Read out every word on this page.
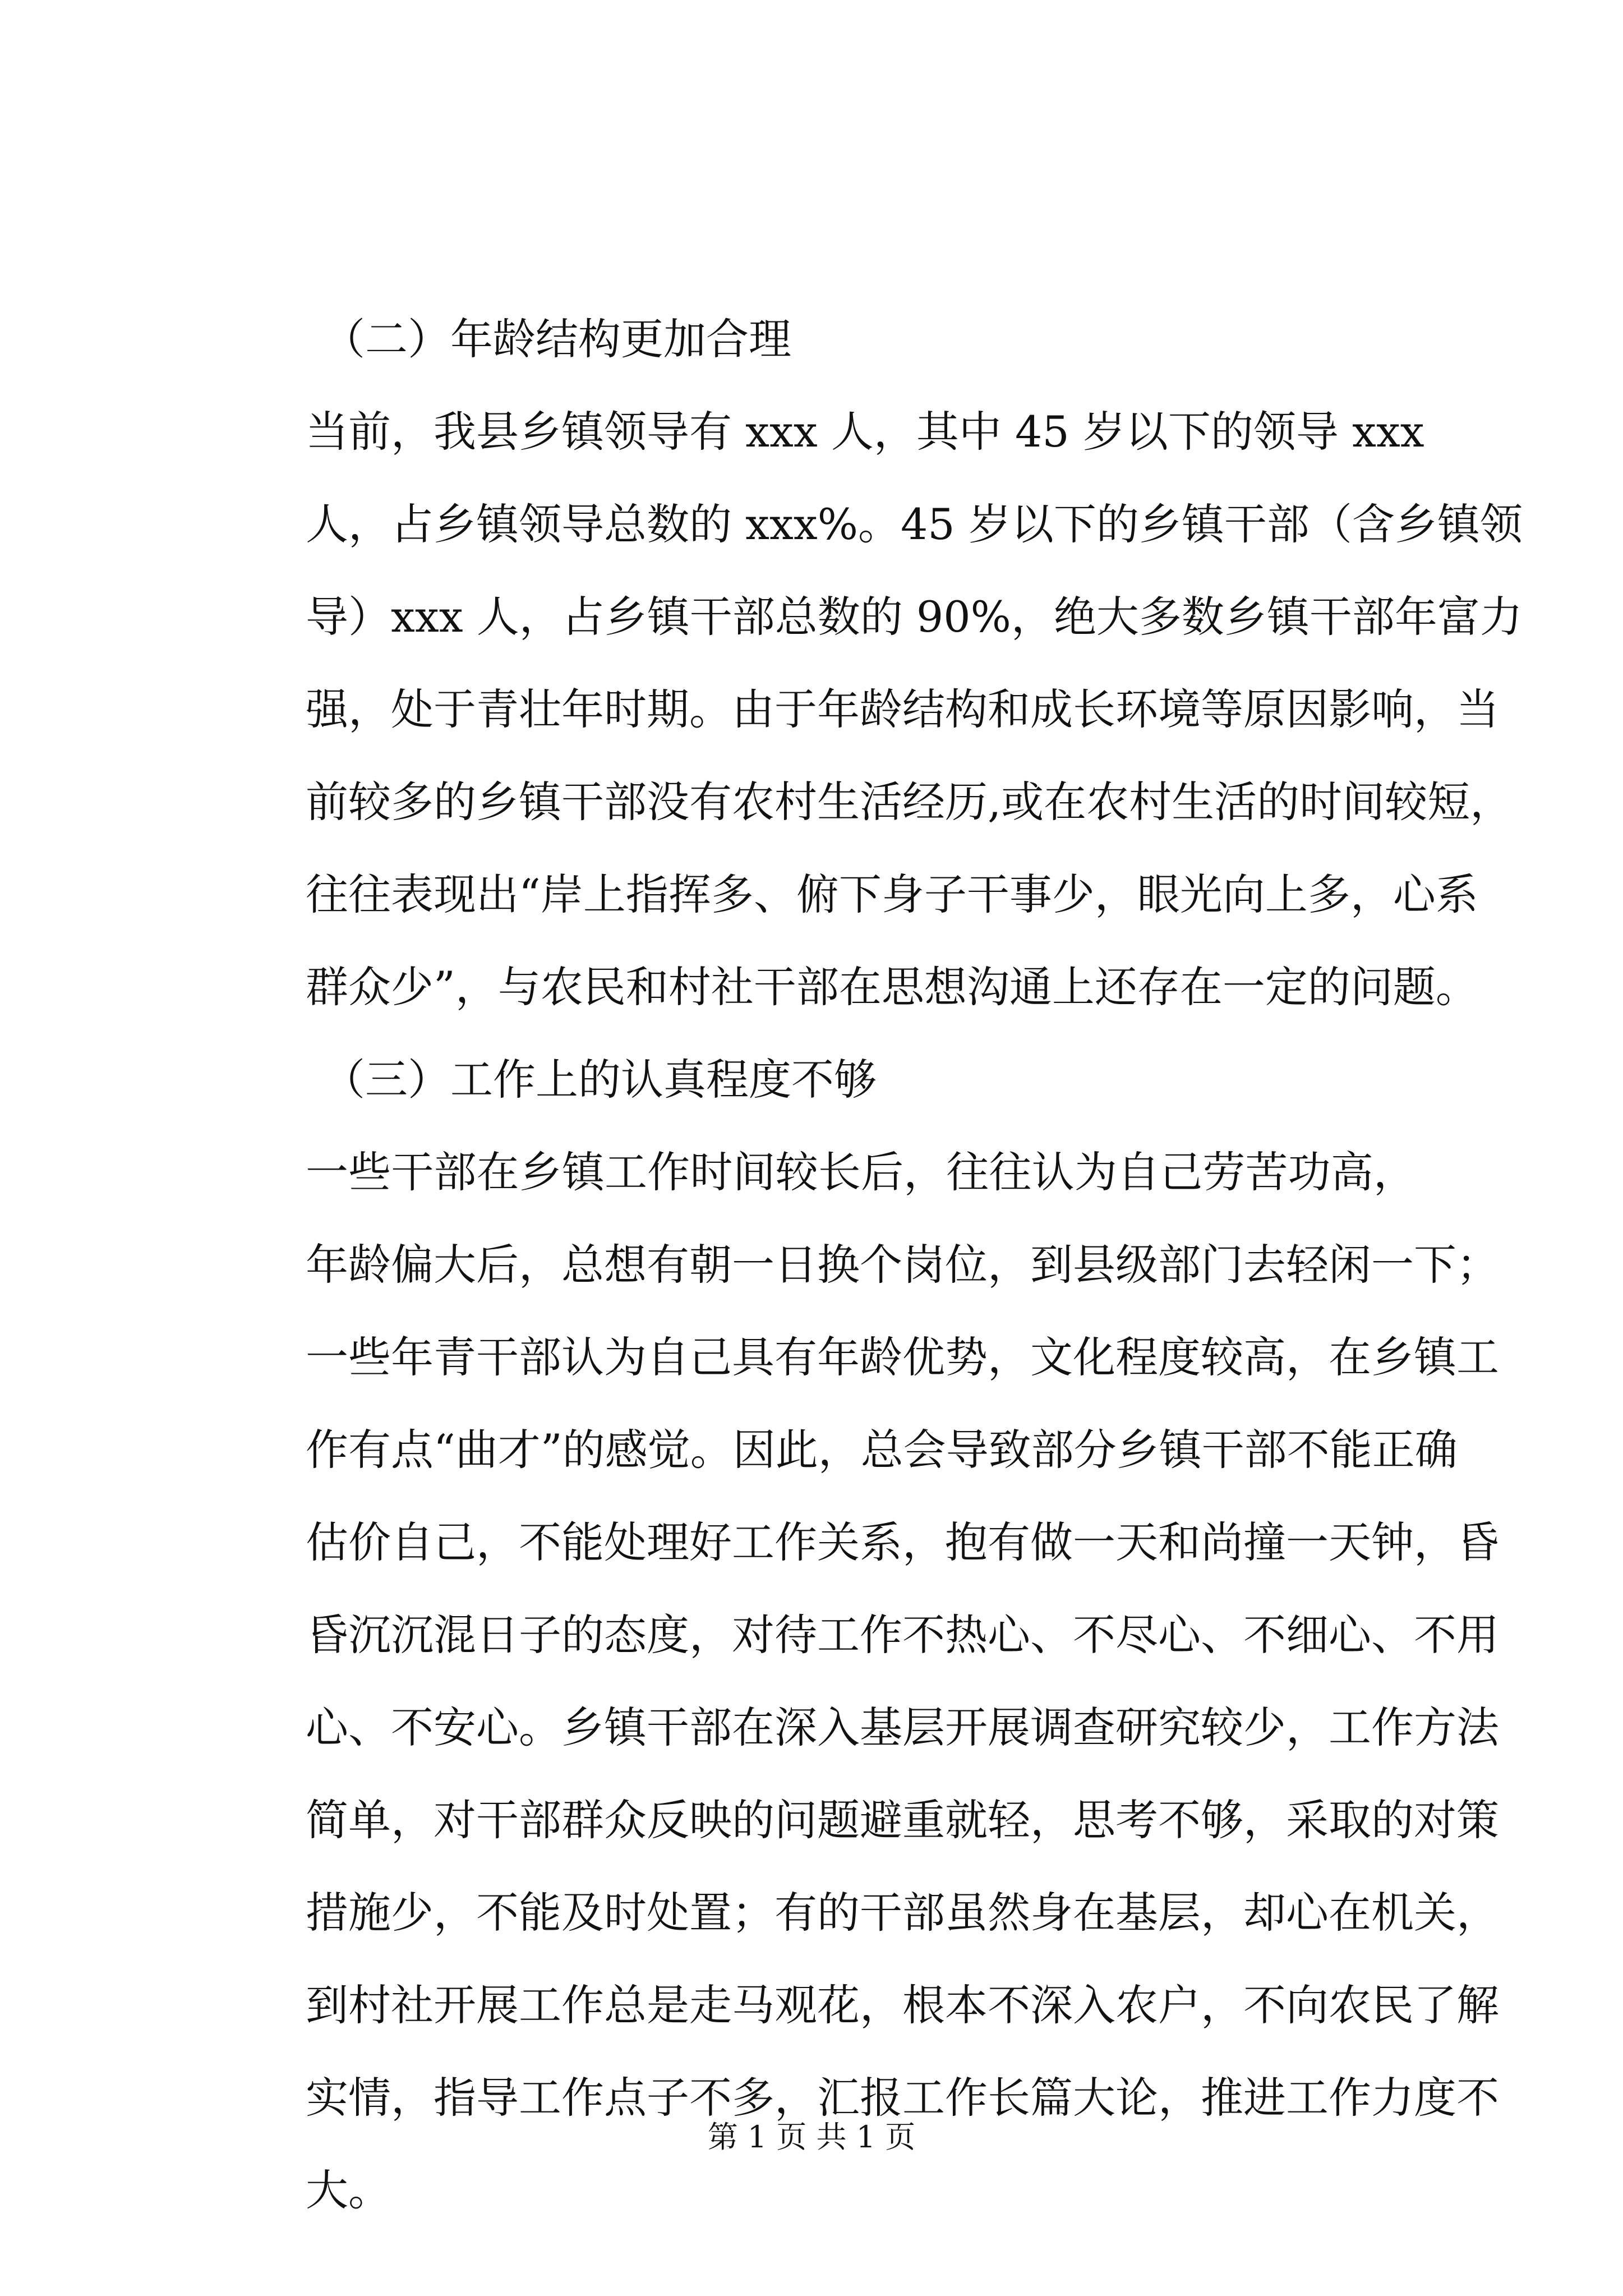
（二）年龄结构更加合理
当前，我县乡镇领导有 xxx 人，其中 45 岁以下的领导 xxx
人，占乡镇领导总数的 xxx%。45 岁以下的乡镇干部（含乡镇领
导）xxx 人，占乡镇干部总数的 90%，绝大多数乡镇干部年富力
强，处于青壮年时期。由于年龄结构和成长环境等原因影响，当
前较多的乡镇干部没有农村生活经历,或在农村生活的时间较短，
往往表现出“岸上指挥多、俯下身子干事少，眼光向上多，心系
群众少”，与农民和村社干部在思想沟通上还存在一定的问题。
（三）工作上的认真程度不够
一些干部在乡镇工作时间较长后，往往认为自己劳苦功高，
年龄偏大后，总想有朝一日换个岗位，到县级部门去轻闲一下；
一些年青干部认为自己具有年龄优势，文化程度较高，在乡镇工
作有点“曲才”的感觉。因此，总会导致部分乡镇干部不能正确
估价自己，不能处理好工作关系，抱有做一天和尚撞一天钟，昏
昏沉沉混日子的态度，对待工作不热心、不尽心、不细心、不用
心、不安心。乡镇干部在深入基层开展调查研究较少，工作方法
简单，对干部群众反映的问题避重就轻，思考不够，采取的对策
措施少，不能及时处置；有的干部虽然身在基层，却心在机关，
到村社开展工作总是走马观花，根本不深入农户，不向农民了解
实情，指导工作点子不多，汇报工作长篇大论，推进工作力度不
大。
第 1 页 共 1 页
